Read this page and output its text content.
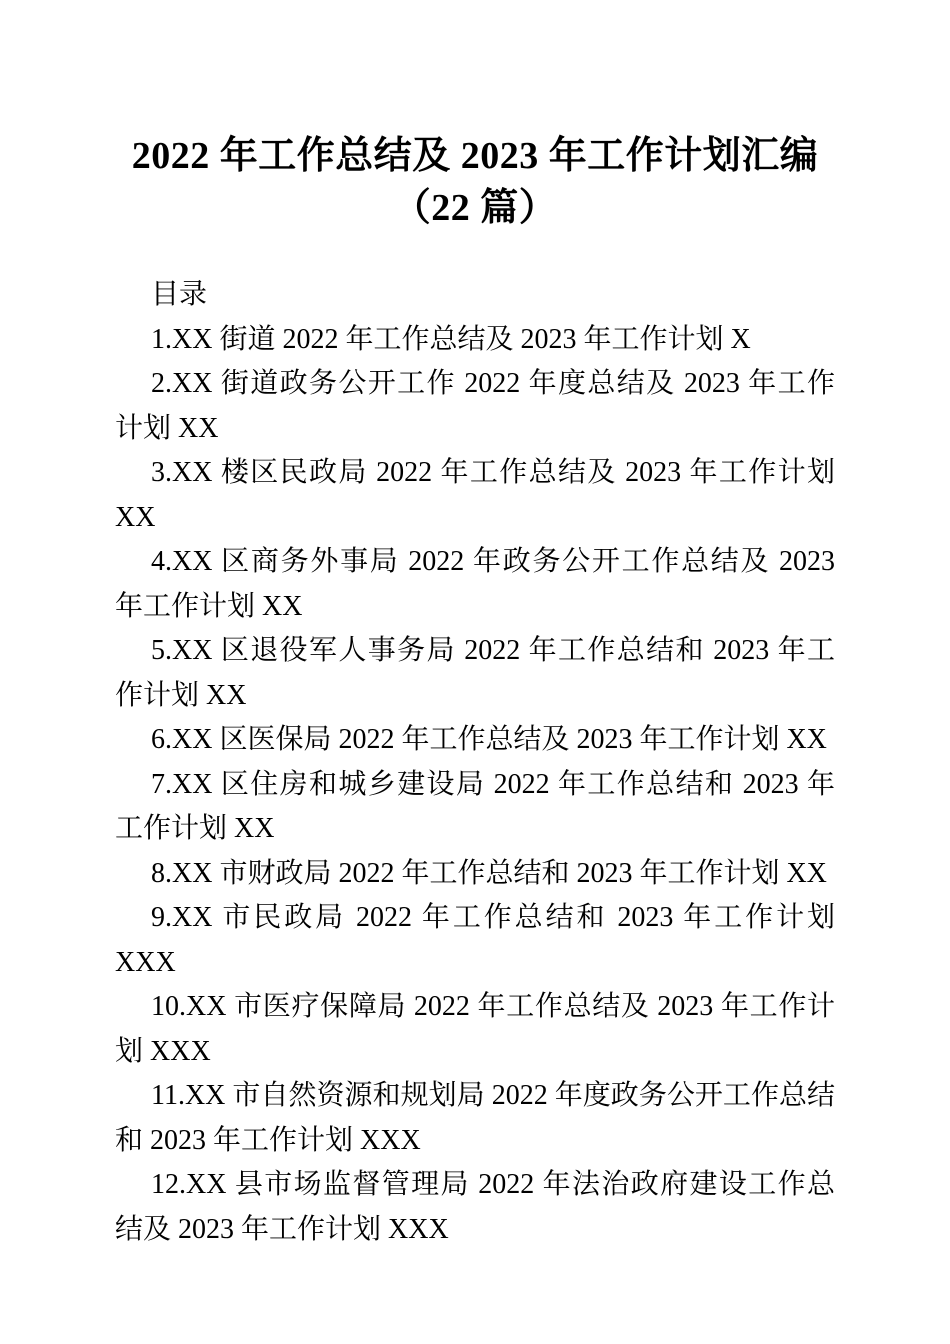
2022 年工作总结及 2023 年工作计划汇编（22 篇）

目录

1.XX 街道 2022 年工作总结及 2023 年工作计划 X

2.XX 街道政务公开工作 2022 年度总结及 2023 年工作计划 XX

3.XX 楼区民政局 2022 年工作总结及 2023 年工作计划 XX

4.XX 区商务外事局 2022 年政务公开工作总结及 2023 年工作计划 XX

5.XX 区退役军人事务局 2022 年工作总结和 2023 年工作计划 XX

6.XX 区医保局 2022 年工作总结及 2023 年工作计划 XX

7.XX 区住房和城乡建设局 2022 年工作总结和 2023 年工作计划 XX

8.XX 市财政局 2022 年工作总结和 2023 年工作计划 XX

9.XX 市民政局 2022 年工作总结和 2023 年工作计划 XXX

10.XX 市医疗保障局 2022 年工作总结及 2023 年工作计划 XXX

11.XX 市自然资源和规划局 2022 年度政务公开工作总结和 2023 年工作计划 XXX

12.XX 县市场监督管理局 2022 年法治政府建设工作总结及 2023 年工作计划 XXX
